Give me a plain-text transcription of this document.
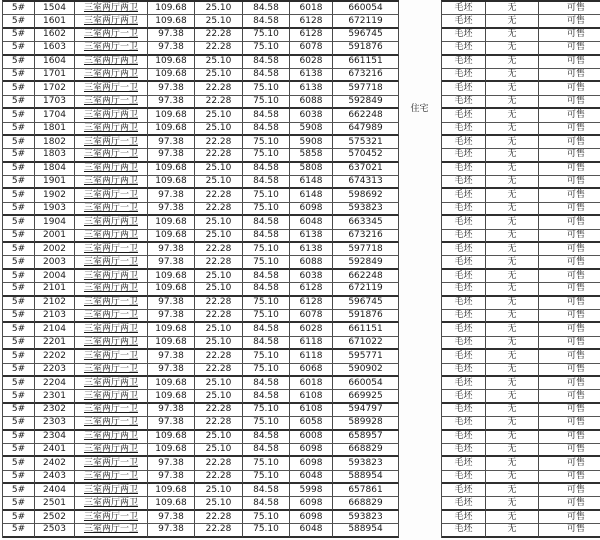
5#	1504	三室两厅两卫	109.68	25.10	84.58	6018	660054
5#	1601	三室两厅两卫	109.68	25.10	84.58	6128	672119
5#	1602	三室两厅一卫	97.38	22.28	75.10	6128	596745
5#	1603	三室两厅一卫	97.38	22.28	75.10	6078	591876
5#	1604	三室两厅两卫	109.68	25.10	84.58	6028	661151
5#	1701	三室两厅两卫	109.68	25.10	84.58	6138	673216
5#	1702	三室两厅一卫	97.38	22.28	75.10	6138	597718
5#	1703	三室两厅一卫	97.38	22.28	75.10	6088	592849
5#	1704	三室两厅两卫	109.68	25.10	84.58	6038	662248
5#	1801	三室两厅两卫	109.68	25.10	84.58	5908	647989
5#	1802	三室两厅一卫	97.38	22.28	75.10	5908	575321
5#	1803	三室两厅一卫	97.38	22.28	75.10	5858	570452
5#	1804	三室两厅两卫	109.68	25.10	84.58	5808	637021
5#	1901	三室两厅两卫	109.68	25.10	84.58	6148	674313
5#	1902	三室两厅一卫	97.38	22.28	75.10	6148	598692
5#	1903	三室两厅一卫	97.38	22.28	75.10	6098	593823
5#	1904	三室两厅两卫	109.68	25.10	84.58	6048	663345
5#	2001	三室两厅两卫	109.68	25.10	84.58	6138	673216
5#	2002	三室两厅一卫	97.38	22.28	75.10	6138	597718
5#	2003	三室两厅一卫	97.38	22.28	75.10	6088	592849
5#	2004	三室两厅两卫	109.68	25.10	84.58	6038	662248
5#	2101	三室两厅两卫	109.68	25.10	84.58	6128	672119
5#	2102	三室两厅一卫	97.38	22.28	75.10	6128	596745
5#	2103	三室两厅一卫	97.38	22.28	75.10	6078	591876
5#	2104	三室两厅两卫	109.68	25.10	84.58	6028	661151
5#	2201	三室两厅两卫	109.68	25.10	84.58	6118	671022
5#	2202	三室两厅一卫	97.38	22.28	75.10	6118	595771
5#	2203	三室两厅一卫	97.38	22.28	75.10	6068	590902
5#	2204	三室两厅两卫	109.68	25.10	84.58	6018	660054
5#	2301	三室两厅两卫	109.68	25.10	84.58	6108	669925
5#	2302	三室两厅一卫	97.38	22.28	75.10	6108	594797
5#	2303	三室两厅一卫	97.38	22.28	75.10	6058	589928
5#	2304	三室两厅两卫	109.68	25.10	84.58	6008	658957
5#	2401	三室两厅两卫	109.68	25.10	84.58	6098	668829
5#	2402	三室两厅一卫	97.38	22.28	75.10	6098	593823
5#	2403	三室两厅一卫	97.38	22.28	75.10	6048	588954
5#	2404	三室两厅两卫	109.68	25.10	84.58	5998	657861
5#	2501	三室两厅两卫	109.68	25.10	84.58	6098	668829
5#	2502	三室两厅一卫	97.38	22.28	75.10	6098	593823
5#	2503	三室两厅一卫	97.38	22.28	75.10	6048	588954
住宅
毛坯	无	可售
毛坯	无	可售
毛坯	无	可售
毛坯	无	可售
毛坯	无	可售
毛坯	无	可售
毛坯	无	可售
毛坯	无	可售
毛坯	无	可售
毛坯	无	可售
毛坯	无	可售
毛坯	无	可售
毛坯	无	可售
毛坯	无	可售
毛坯	无	可售
毛坯	无	可售
毛坯	无	可售
毛坯	无	可售
毛坯	无	可售
毛坯	无	可售
毛坯	无	可售
毛坯	无	可售
毛坯	无	可售
毛坯	无	可售
毛坯	无	可售
毛坯	无	可售
毛坯	无	可售
毛坯	无	可售
毛坯	无	可售
毛坯	无	可售
毛坯	无	可售
毛坯	无	可售
毛坯	无	可售
毛坯	无	可售
毛坯	无	可售
毛坯	无	可售
毛坯	无	可售
毛坯	无	可售
毛坯	无	可售
毛坯	无	可售
